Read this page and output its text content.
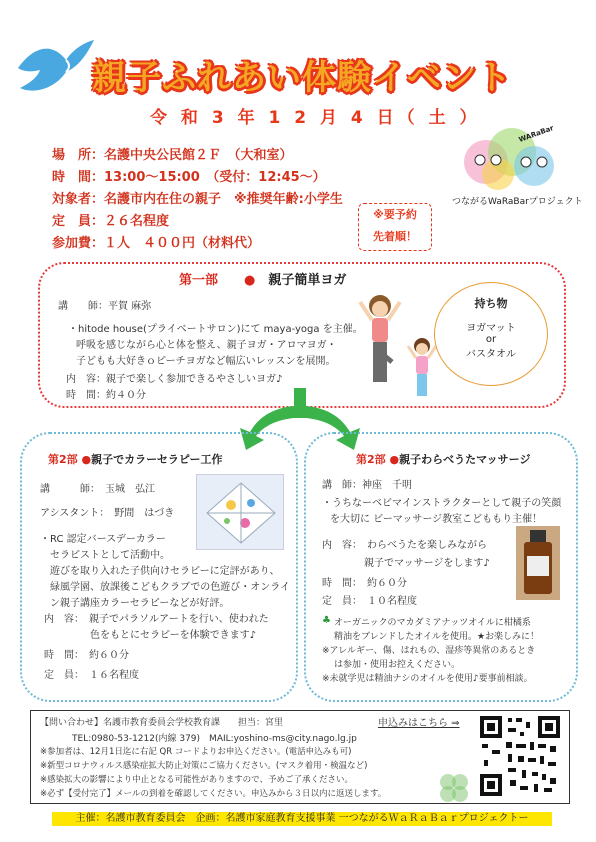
親子ふれあい体験イベント
令 和 3 年 1 2 月 4 日（ 土 ）
場　所：名護中央公民館２Ｆ　（大和室）
時　間：13:00～15:00　（受付：12:45～）
対象者：名護市内在住の親子　※推奨年齢:小学生
定　員：２６名程度
参加費：１人　４００円（材料代）
※要予約
先着順！
WARaBar
つながるWaRaBarプロジェクト
第一部　　 ●　 親子簡単ヨガ
講　　師：平賀 麻弥
・hitode house(プライベートサロン)にて maya-yoga を主催。
呼吸を感じながら心と体を整え、親子ヨガ・アロマヨガ・
子どもも大好きｏピーチヨガなど幅広いレッスンを展開。
内　容：親子で楽しく参加できるやさしいヨガ♪
時　間：約４０分
持ち物
ヨガマット
or
バスタオル
第2部 ●親子でカラーセラピー工作
講　　　師：　玉城　弘江
アシスタント：　野間　はづき
・RC 認定バースデーカラー
セラピストとして活動中。
遊びを取り入れた子供向けセラピーに定評があり、
緑風学園、放課後こどもクラブでの色遊び・オンライ
ン親子講座カラーセラピーなどが好評。
内　容：　親子でパラソルアートを行い、使われた
色をもとにセラピーを体験できます♪
時　間：　約６０分
定　員：　１６名程度
第2部 ●親子わらべうたマッサージ
講　師：神座　千明
・うちなーベビマインストラクターとして親子の笑顔
を大切に ビーマッサージ教室こどももり主催！
内　容：　わらべうたを楽しみながら
親子でマッサージをします♪
時　間：　約６０分
定　員：　１０名程度
♣ オーガニックのマカダミアナッツオイルに柑橘系
精油をブレンドしたオイルを使用。★お楽しみに！
※アレルギー、傷、はれもの、湿疹等異常のあるとき
は参加・使用お控えください。
※未就学児は精油ナシのオイルを使用♪要事前相談。
【問い合わせ】名護市教育委員会学校教育課　　担当：宮里	申込みはこちら ⇒
TEL:0980-53-1212(内線 379)　MAIL:yoshino-ms@city.nago.lg.jp
※参加者は、12月1日迄に右記 QR コードよりお申込ください。(電話申込みも可)
※新型コロナウィルス感染症拡大防止対策にご協力ください。(マスク着用・検温など)
※感染拡大の影響により中止となる可能性がありますので、予めご了承ください。
※必ず【受付完了】メールの到着を確認してください。申込みから３日以内に返送します。
主催：名護市教育委員会　企画：名護市家庭教育支援事業 一つながるＷａＲａＢａｒプロジェクトー
